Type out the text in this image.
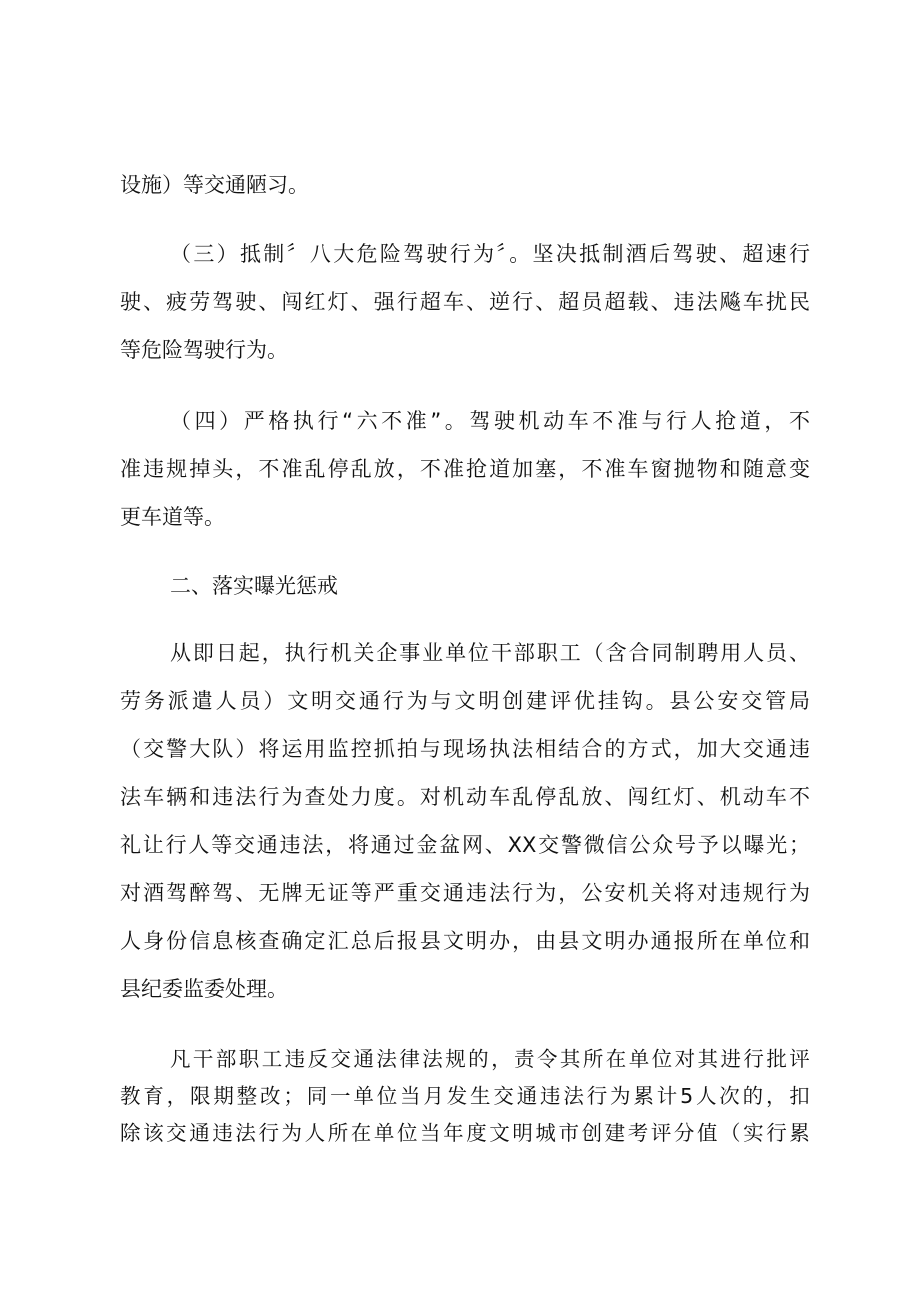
设施）等交通陋习。
（三）抵制〞八大危险驾驶行为〞。坚决抵制酒后驾驶、超速行
驶、疲劳驾驶、闯红灯、强行超车、逆行、超员超载、违法飚车扰民
等危险驾驶行为。
（四）严格执行“六不准”。驾驶机动车不准与行人抢道，不
准违规掉头，不准乱停乱放，不准抢道加塞，不准车窗抛物和随意变
更车道等。
二、落实曝光惩戒
从即日起，执行机关企事业单位干部职工（含合同制聘用人员、
劳务派遣人员）文明交通行为与文明创建评优挂钩。县公安交管局
（交警大队）将运用监控抓拍与现场执法相结合的方式，加大交通违
法车辆和违法行为查处力度。对机动车乱停乱放、闯红灯、机动车不
礼让行人等交通违法，将通过金盆网、XX交警微信公众号予以曝光；
对酒驾醉驾、无牌无证等严重交通违法行为，公安机关将对违规行为
人身份信息核查确定汇总后报县文明办，由县文明办通报所在单位和
县纪委监委处理。
凡干部职工违反交通法律法规的，责令其所在单位对其进行批评
教育，限期整改；同一单位当月发生交通违法行为累计5人次的，扣
除该交通违法行为人所在单位当年度文明城市创建考评分值（实行累
